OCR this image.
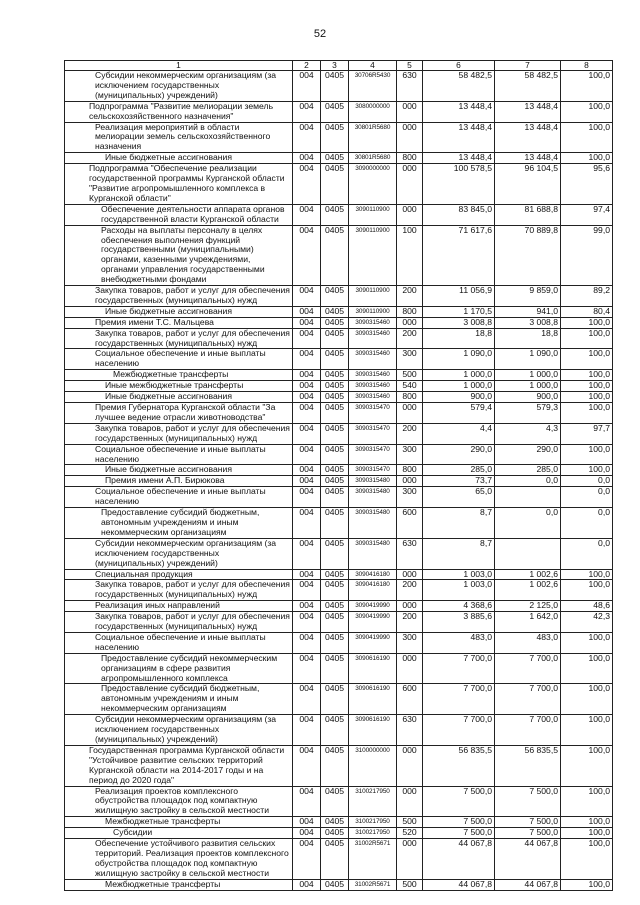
52
1	2	3	4	5	6	7	8
Субсидии некоммерческим организациям (за исключением государственных (муниципальных) учреждений)	004	0405	30706R5430	630	58 482,5	58 482,5	100,0
Подпрограмма "Развитие мелиорации земель сельскохозяйственного назначения"	004	0405	3080000000	000	13 448,4	13 448,4	100,0
Реализация мероприятий в области мелиорации земель сельскохозяйственного назначения	004	0405	30801R5680	000	13 448,4	13 448,4	100,0
Иные бюджетные ассигнования	004	0405	30801R5680	800	13 448,4	13 448,4	100,0
Подпрограмма "Обеспечение реализации государственной программы Курганской области "Развитие агропромышленного комплекса в Курганской области"	004	0405	3090000000	000	100 578,5	96 104,5	95,6
Обеспечение деятельности аппарата органов государственной власти Курганской области	004	0405	3090110900	000	83 845,0	81 688,8	97,4
Расходы на выплаты персоналу в целях обеспечения выполнения функций государственными (муниципальными) органами, казенными учреждениями, органами управления государственными внебюджетными фондами	004	0405	3090110900	100	71 617,6	70 889,8	99,0
Закупка товаров, работ и услуг для обеспечения государственных (муниципальных) нужд	004	0405	3090110900	200	11 056,9	9 859,0	89,2
Иные бюджетные ассигнования	004	0405	3090110900	800	1 170,5	941,0	80,4
Премия имени Т.С. Мальцева	004	0405	3090315460	000	3 008,8	3 008,8	100,0
Закупка товаров, работ и услуг для обеспечения государственных (муниципальных) нужд	004	0405	3090315460	200	18,8	18,8	100,0
Социальное обеспечение и иные выплаты населению	004	0405	3090315460	300	1 090,0	1 090,0	100,0
Межбюджетные трансферты	004	0405	3090315460	500	1 000,0	1 000,0	100,0
Иные межбюджетные трансферты	004	0405	3090315460	540	1 000,0	1 000,0	100,0
Иные бюджетные ассигнования	004	0405	3090315460	800	900,0	900,0	100,0
Премия Губернатора Курганской области "За лучшее ведение отрасли животноводства"	004	0405	3090315470	000	579,4	579,3	100,0
Закупка товаров, работ и услуг для обеспечения государственных (муниципальных) нужд	004	0405	3090315470	200	4,4	4,3	97,7
Социальное обеспечение и иные выплаты населению	004	0405	3090315470	300	290,0	290,0	100,0
Иные бюджетные ассигнования	004	0405	3090315470	800	285,0	285,0	100,0
Премия имени А.П. Бирюкова	004	0405	3090315480	000	73,7	0,0	0,0
Социальное обеспечение и иные выплаты населению	004	0405	3090315480	300	65,0		0,0
Предоставление субсидий бюджетным, автономным учреждениям и иным некоммерческим организациям	004	0405	3090315480	600	8,7	0,0	0,0
Субсидии некоммерческим организациям (за исключением государственных (муниципальных) учреждений)	004	0405	3090315480	630	8,7		0,0
Специальная продукция	004	0405	3090416180	000	1 003,0	1 002,6	100,0
Закупка товаров, работ и услуг для обеспечения государственных (муниципальных) нужд	004	0405	3090416180	200	1 003,0	1 002,6	100,0
Реализация иных направлений	004	0405	3090419990	000	4 368,6	2 125,0	48,6
Закупка товаров, работ и услуг для обеспечения государственных (муниципальных) нужд	004	0405	3090419990	200	3 885,6	1 642,0	42,3
Социальное обеспечение и иные выплаты населению	004	0405	3090419990	300	483,0	483,0	100,0
Предоставление субсидий некоммерческим организациям в сфере развития агропромышленного комплекса	004	0405	3090616190	000	7 700,0	7 700,0	100,0
Предоставление субсидий бюджетным, автономным учреждениям и иным некоммерческим организациям	004	0405	3090616190	600	7 700,0	7 700,0	100,0
Субсидии некоммерческим организациям (за исключением государственных (муниципальных) учреждений)	004	0405	3090616190	630	7 700,0	7 700,0	100,0
Государственная программа Курганской области "Устойчивое развитие сельских территорий Курганской области на 2014-2017 годы и на период до 2020 года"	004	0405	3100000000	000	56 835,5	56 835,5	100,0
Реализация проектов комплексного обустройства площадок под компактную жилищную застройку в сельской местности	004	0405	3100217950	000	7 500,0	7 500,0	100,0
Межбюджетные трансферты	004	0405	3100217950	500	7 500,0	7 500,0	100,0
Субсидии	004	0405	3100217950	520	7 500,0	7 500,0	100,0
Обеспечение устойчивого развития сельских территорий. Реализация проектов комплексного обустройства площадок под компактную жилищную застройку в сельской местности	004	0405	31002R5671	000	44 067,8	44 067,8	100,0
Межбюджетные трансферты	004	0405	31002R5671	500	44 067,8	44 067,8	100,0
